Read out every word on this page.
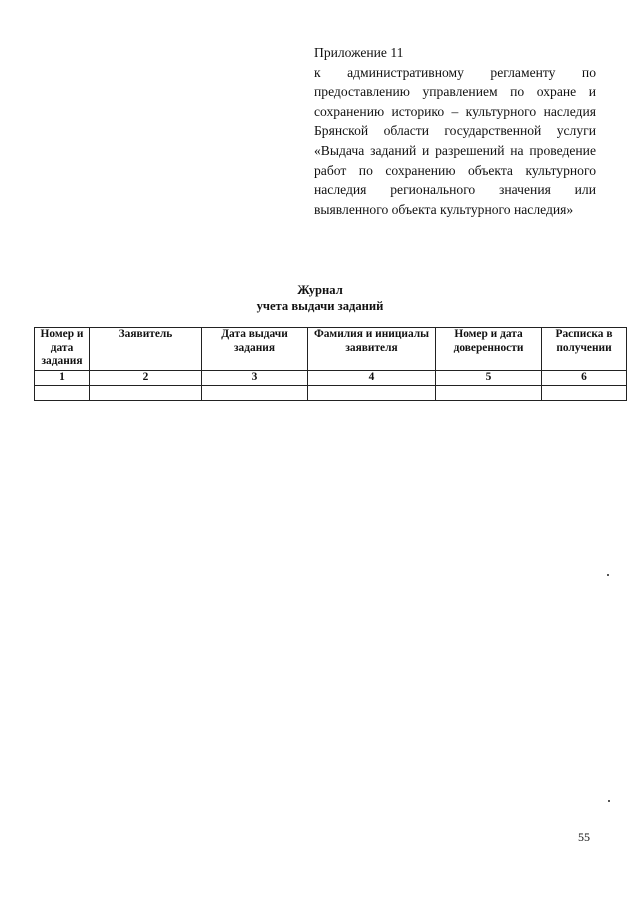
Приложение 11
к административному регламенту по предоставлению управлением по охране и сохранению историко – культурного наследия Брянской области государственной услуги «Выдача заданий и разрешений на проведение работ по сохранению объекта культурного наследия регионального значения или выявленного объекта культурного наследия»
Журнал
учета выдачи заданий
Номер и дата задания	Заявитель	Дата выдачи задания	Фамилия и инициалы заявителя	Номер и дата доверенности	Расписка в получении
1	2	3	4	5	6

55
